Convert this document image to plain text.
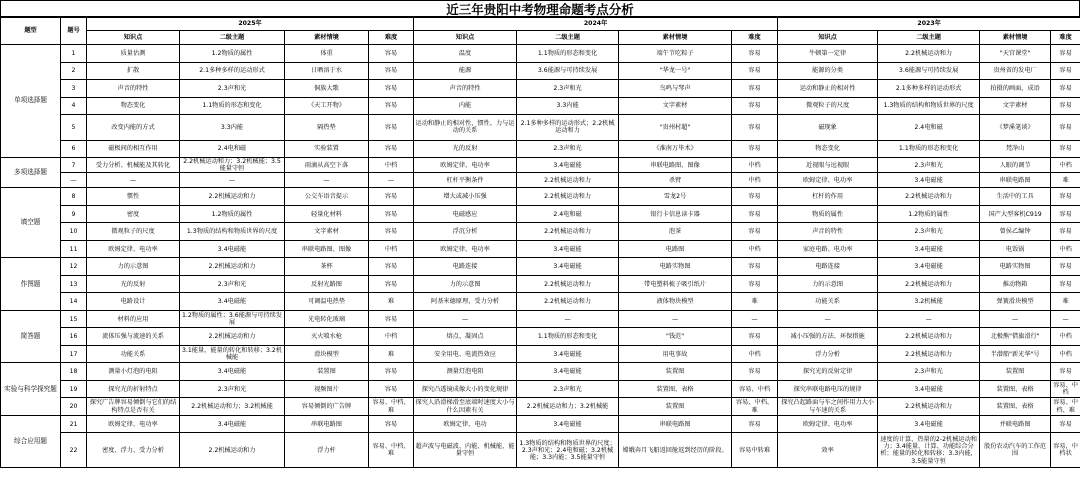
近三年贵阳中考物理命题考点分析
题型	题号	2025年				2024年				2023年			
		知识点	二级主题	素材情境	难度	知识点	二级主题	素材情境	难度	知识点	二级主题	素材情境	难度
单项选择题	1	质量估测	1.2物质的属性	体重	容易	温度	1.1物质的形态和变化	端午节吃粽子	容易	牛顿第一定律	2.2机械运动和力	"天宫课堂"	容易
	2	扩散	2.1多种多样的运动形式	日晒溶于水	容易	能源	3.6能源与可持续发展	"华龙一号"	容易	能源的分类	3.6能源与可持续发展	贵州省的发电厂	容易
	3	声音的特性	2.3声和光	侗族大歌	容易	声音的特性	2.3声和光	鸟鸣与琴声	容易	运动和静止的相对性	2.1多种多样的运动形式	拍摄的画面、成语	容易
	4	物态变化	1.1物质的形态和变化	《天工开物》	容易	内能	3.3内能	文字素材	容易	微观粒子的尺度	1.3物质的结构和物质世界的尺度	文字素材	容易
	5	改变内能的方式	3.3内能	隔热垫	容易	运动和静止的相对性，惯性、力与运动的关系	2.1多种多样的运动形式；2.2机械运动和力	"贵州村超"	容易	磁现象	2.4电和磁	《梦溪笔谈》	容易
	6	磁极间的相互作用	2.4电和磁	实验装置	容易	光的反射	2.3声和光	《淮南万毕术》	容易	物态变化	1.1物质的形态和变化	梵净山	容易
多项选择题	7	受力分析、机械能及其转化	2.2机械运动和力；3.2机械能；3.5能量守恒	雨滴从高空下落	中档	欧姆定律、电功率	3.4电磁能	串联电路图、图像	中档	近视眼与远视眼	2.3声和光	人眼的调节	中档
	—	—	—	—	—	杠杆平衡条件	2.2机械运动和力	杀臂	中档	欧姆定律、电功率	3.4电磁能	串联电路图	难
填空题	8	惯性	2.2机械运动和力	公交车语音提示	容易	增大或减小压强	2.2机械运动和力	雪龙2号	容易	杠杆的作用	2.2机械运动和力	生活中的工具	容易
	9	密度	1.2物质的属性	轻量化材料	容易	电磁感应	2.4电和磁	银行卡信息读卡器	容易	物质的属性	1.2物质的属性	国产大型客机C919	容易
	10	微观粒子的尺度	1.3物质的结构和物质世界的尺度	文字素材	容易	浮沉分析	2.2机械运动和力	泡茶	容易	声音的特性	2.3声和光	曾侯乙编钟	容易
	11	欧姆定律、电功率	3.4电磁能	串联电路图、图像	中档	欧姆定律、电功率	3.4电磁能	电路图	中档	家庭电路、电功率	3.4电磁能	电饭锅	中档
作图题	12	力的示意图	2.2机械运动和力	茶杯	容易	电路连接	3.4电磁能	电路实物图	容易	电路连接	3.4电磁能	电路实物图	容易
	13	光的反射	2.3声和光	反射光路图	容易	力的示意图	2.2机械运动和力	带电塑料梳子吸引纸片	容易	力的示意图	2.2机械运动和力	推动物箱	容易
	14	电路设计	3.4电磁能	可调温电热垫	难	阿基米德原理，受力分析	2.2机械运动和力	液体物块模型	难	功能关系	3.2机械能	弹簧滑块模型	难
简答题	15	材料的应用	1.2物质的属性；3.6能源与可持续发展	光电转化玻璃	容易	—	—	—	—	—	—	—	—
	16	流体压强与流速的关系	2.2机械运动和力	灭火喷水枪	中档	熔点、凝固点	1.1物质的形态和变化	"钱范"	容易	减小压强的方法、环保措施	2.2机械运动和力	北极熊"借旗滑行"	中档
	17	功能关系	3.1能量，能量的转化和转移；3.2机械能	滑块模型	难	安全用电、电流热效应	3.4电磁能	用电事故	中档	浮力分析	2.2机械运动和力	半潜船"新光华"号	中档
实验与科学探究题	18	测量小灯泡的电阻	3.4电磁能	装置图	容易	测量灯泡电阻	3.4电磁能	装置图	容易	探究光的反射定律	2.3声和光	装置图	容易
	19	探究光的折射特点	2.3声和光	视频图片	容易	探究凸透镜成像大小的变化规律	2.3声和光	装置图、表格	容易、中档	探究串联电路电压的规律	3.4电磁能	装置图、表格	容易、中档
	20	探究广告牌容易倾倒与它们的结构特点是否有关	2.2机械运动和力；3.2机械能	容易倾倒的广告牌	容易、中档、难	探究人沿滑梯滑至底端时速度大小与什么因素有关	2.2机械运动和力；3.2机械能	装置图	容易、中档、难	探究凸起路面与车之间作用力大小与车速的关系	2.2机械运动和力	装置图、表格	容易、中档、难
综合应用题	21	欧姆定律、电功率	3.4电磁能	串联电路图	容易	欧姆定律、电功	3.4电磁能	串联电路图	容易	欧姆定律、电功率	3.4电磁能	并联电路图	容易
	22	密度、浮力、受力分析	2.2机械运动和力	浮力杆	容易、中档、难	超声波与电磁波、内能、机械能、能量守恒	1.3物质的结构和物质世界的尺度；2.3声和光；2.4电和磁；3.2机械能；3.3内能；3.5能量守恒	嫦娥奔月飞船返回舱返到经历的阶段。	容易中转难	效率	速度的计算、热量的2-2机械运动和力；3.4能量、计算、功能综合分析；能量的转化和转移；3.3内能，3.5能量守恒	股份农动汽车的工作范围	容易，中档状
